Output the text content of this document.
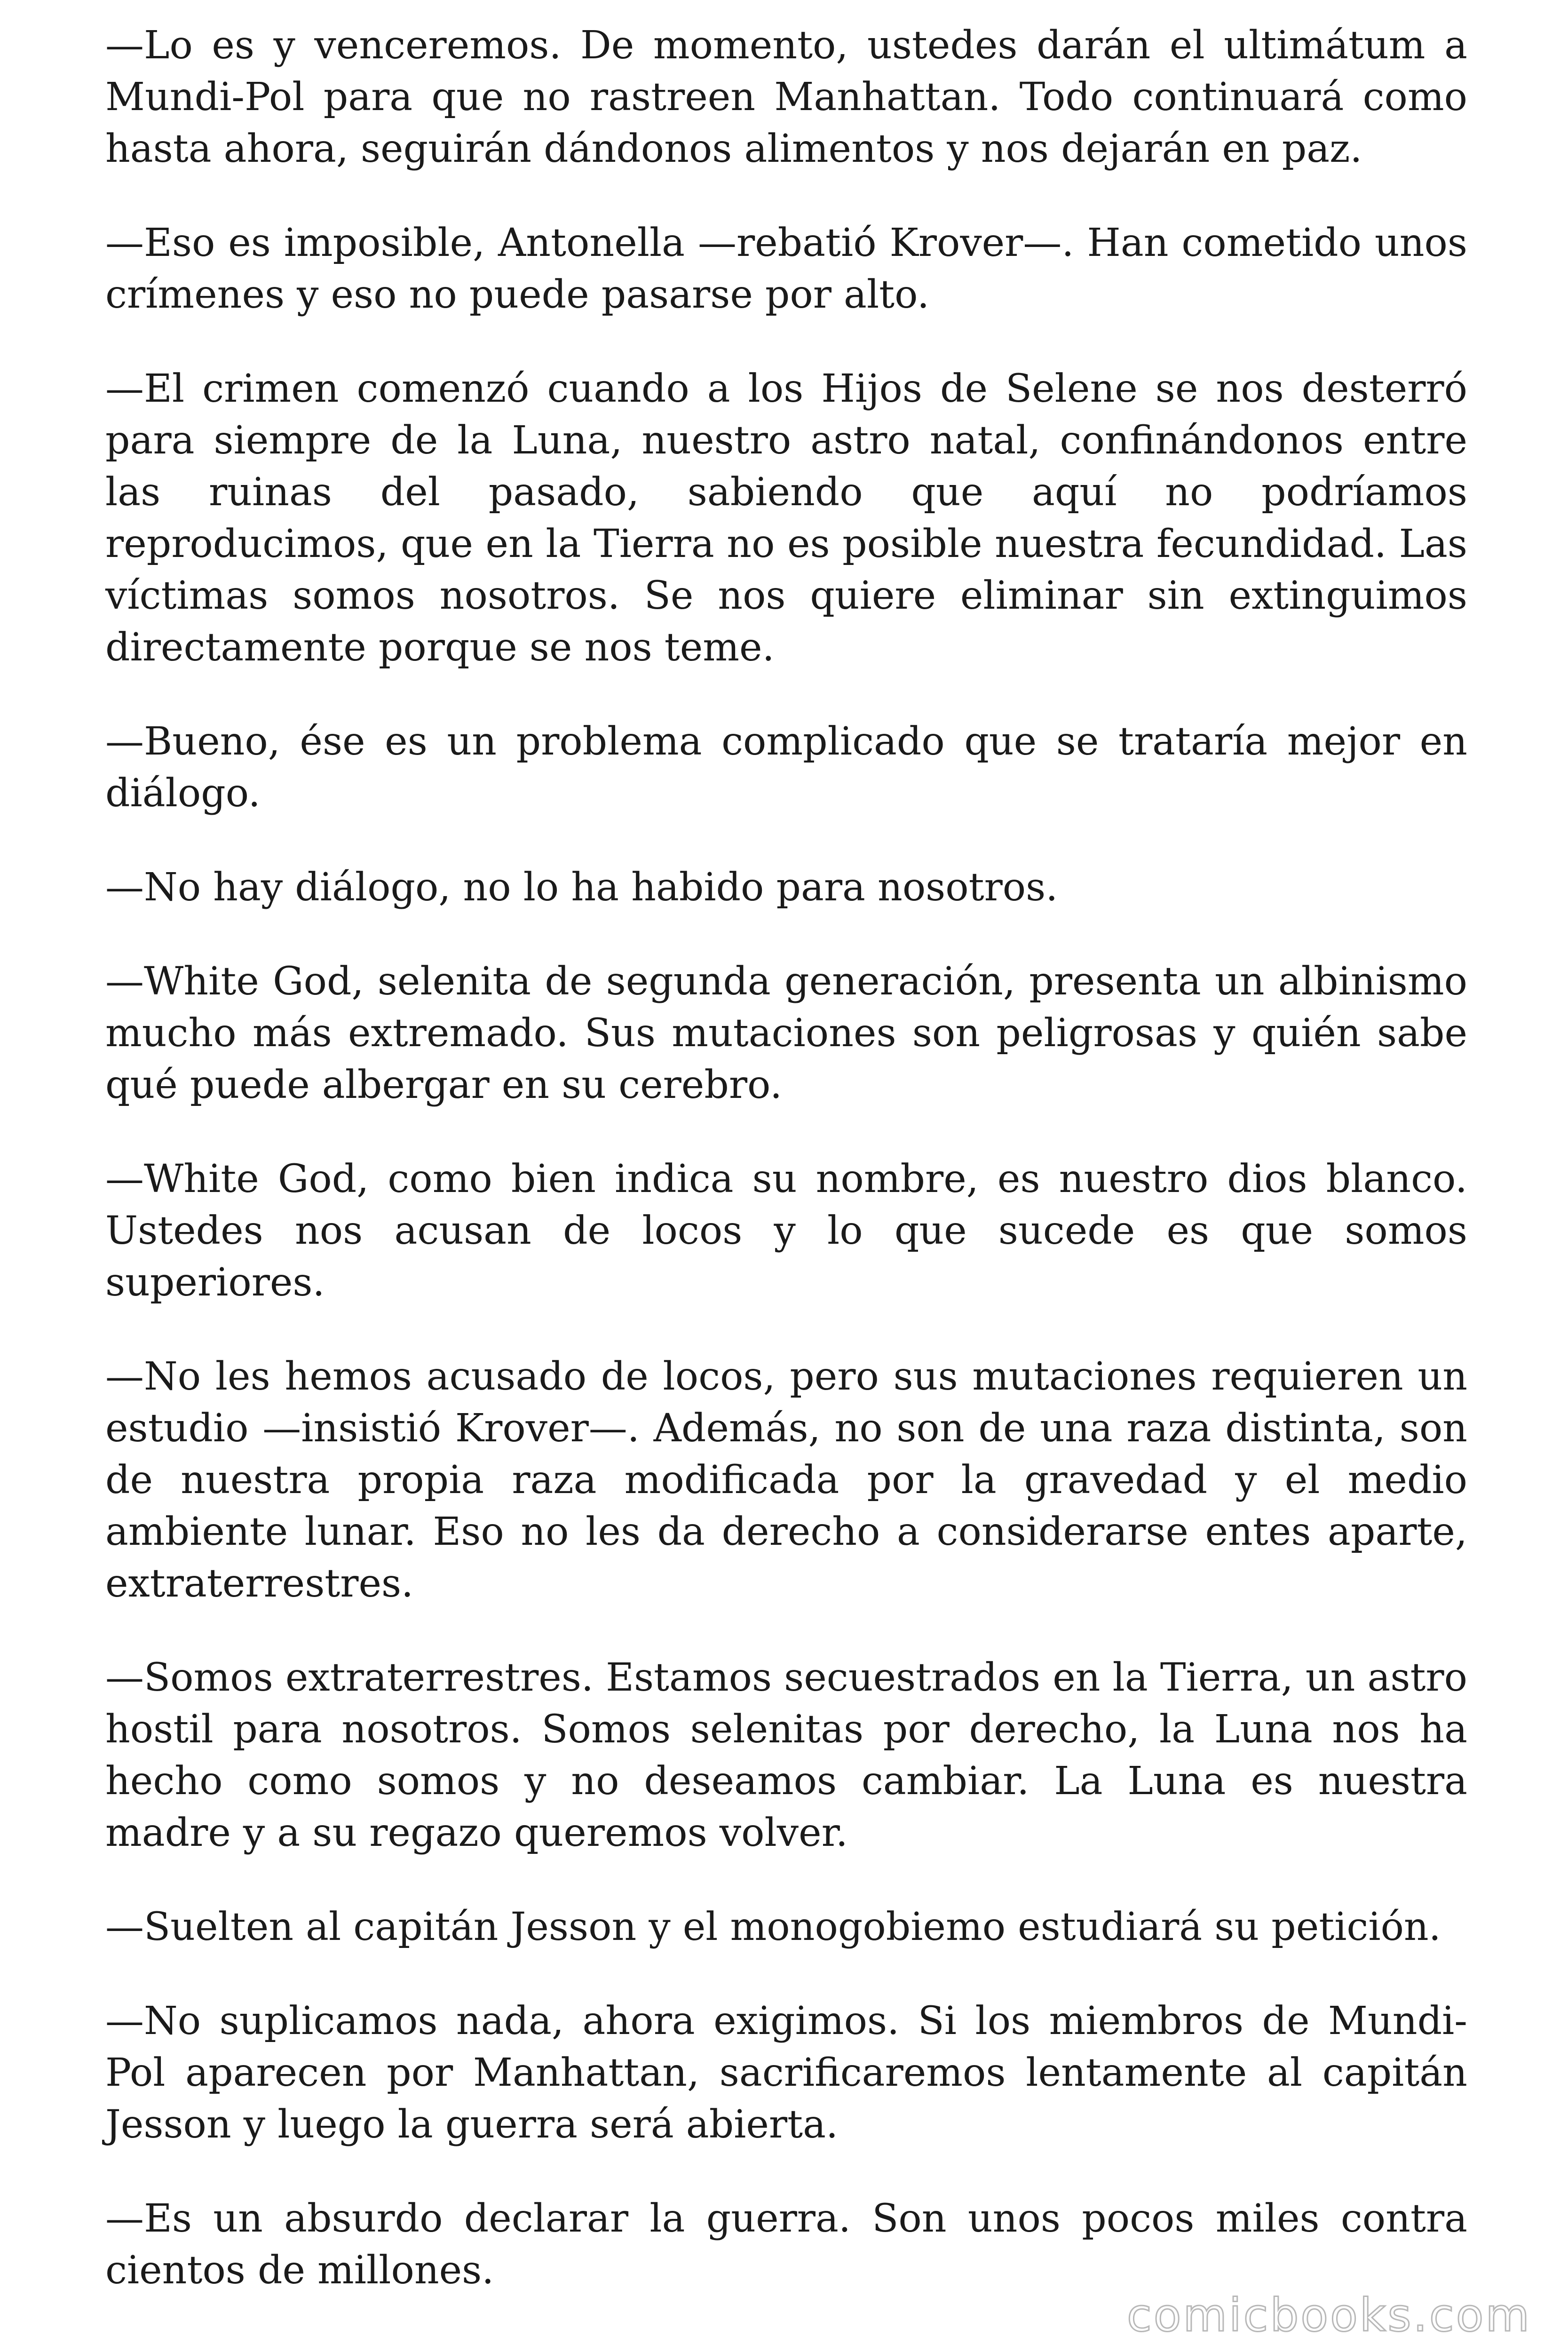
—Lo es y venceremos. De momento, ustedes darán el ultimátum a Mundi-Pol para que no rastreen Manhattan. Todo continuará como hasta ahora, seguirán dándonos alimentos y nos dejarán en paz.

—Eso es imposible, Antonella —rebatió Krover—. Han cometido unos crímenes y eso no puede pasarse por alto.

—El crimen comenzó cuando a los Hijos de Selene se nos desterró para siempre de la Luna, nuestro astro natal, confinándonos entre las ruinas del pasado, sabiendo que aquí no podríamos reproducimos, que en la Tierra no es posible nuestra fecundidad. Las víctimas somos nosotros. Se nos quiere eliminar sin extinguimos directamente porque se nos teme.

—Bueno, ése es un problema complicado que se trataría mejor en diálogo.

—No hay diálogo, no lo ha habido para nosotros.

—White God, selenita de segunda generación, presenta un albinismo mucho más extremado. Sus mutaciones son peligrosas y quién sabe qué puede albergar en su cerebro.

—White God, como bien indica su nombre, es nuestro dios blanco. Ustedes nos acusan de locos y lo que sucede es que somos superiores.

—No les hemos acusado de locos, pero sus mutaciones requieren un estudio —insistió Krover—. Además, no son de una raza distinta, son de nuestra propia raza modificada por la gravedad y el medio ambiente lunar. Eso no les da derecho a considerarse entes aparte, extraterrestres.

—Somos extraterrestres. Estamos secuestrados en la Tierra, un astro hostil para nosotros. Somos selenitas por derecho, la Luna nos ha hecho como somos y no deseamos cambiar. La Luna es nuestra madre y a su regazo queremos volver.

—Suelten al capitán Jesson y el monogobiemo estudiará su petición.

—No suplicamos nada, ahora exigimos. Si los miembros de Mundi-Pol aparecen por Manhattan, sacrificaremos lentamente al capitán Jesson y luego la guerra será abierta.

—Es un absurdo declarar la guerra. Son unos pocos miles contra cientos de millones.

comicbooks.com
